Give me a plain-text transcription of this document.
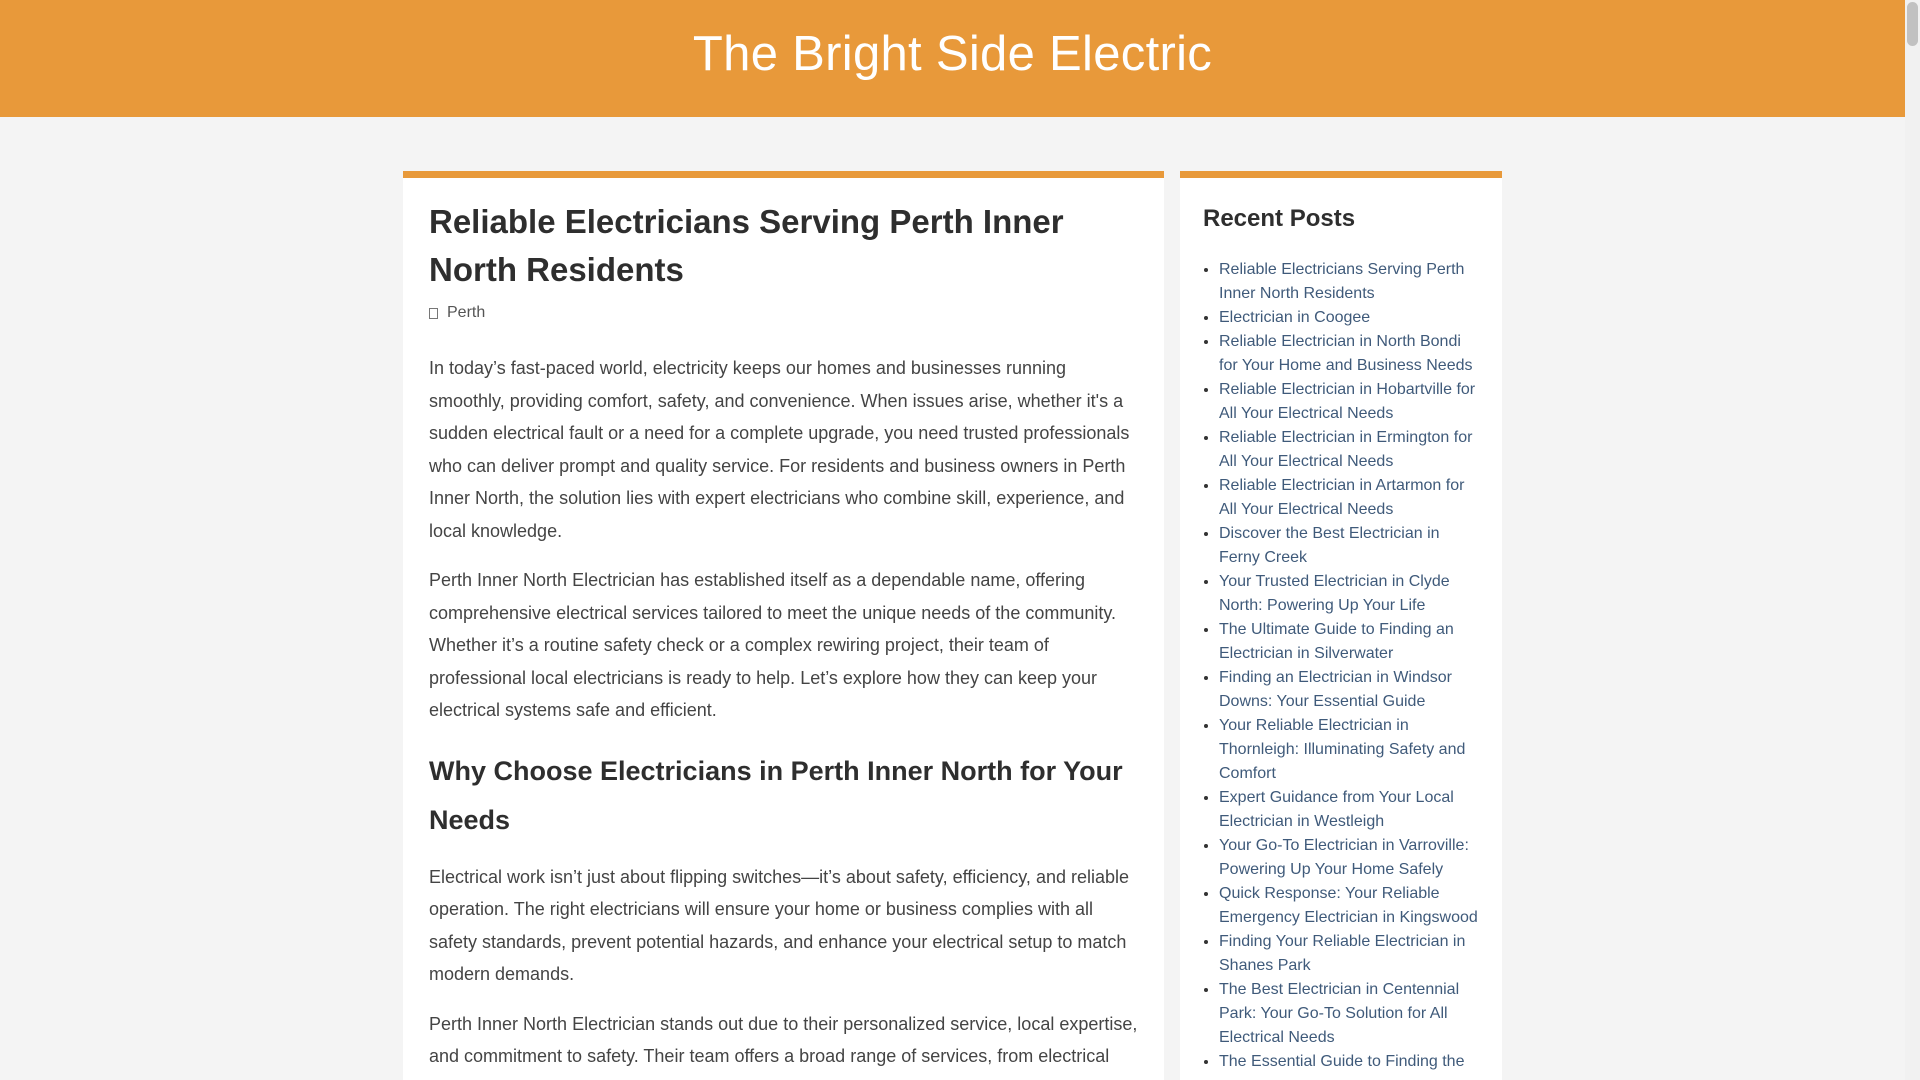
The Bright Side Electric
Reliable Electricians Serving Perth Inner North Residents
Perth

In today’s fast-paced world, electricity keeps our homes and businesses running smoothly, providing comfort, safety, and convenience. When issues arise, whether it's a sudden electrical fault or a need for a complete upgrade, you need trusted professionals who can deliver prompt and quality service. For residents and business owners in Perth Inner North, the solution lies with expert electricians who combine skill, experience, and local knowledge.

Perth Inner North Electrician has established itself as a dependable name, offering comprehensive electrical services tailored to meet the unique needs of the community. Whether it’s a routine safety check or a complex rewiring project, their team of professional local electricians is ready to help. Let’s explore how they can keep your electrical systems safe and efficient.

Why Choose Electricians in Perth Inner North for Your Needs

Electrical work isn’t just about flipping switches—it’s about safety, efficiency, and reliable operation. The right electricians will ensure your home or business complies with all safety standards, prevent potential hazards, and enhance your electrical setup to match modern demands.

Perth Inner North Electrician stands out due to their personalized service, local expertise, and commitment to safety. Their team offers a broad range of services, from electrical

Recent Posts
• Reliable Electricians Serving Perth Inner North Residents
• Electrician in Coogee
• Reliable Electrician in North Bondi for Your Home and Business Needs
• Reliable Electrician in Hobartville for All Your Electrical Needs
• Reliable Electrician in Ermington for All Your Electrical Needs
• Reliable Electrician in Artarmon for All Your Electrical Needs
• Discover the Best Electrician in Ferny Creek
• Your Trusted Electrician in Clyde North: Powering Up Your Life
• The Ultimate Guide to Finding an Electrician in Silverwater
• Finding an Electrician in Windsor Downs: Your Essential Guide
• Your Reliable Electrician in Thornleigh: Illuminating Safety and Comfort
• Expert Guidance from Your Local Electrician in Westleigh
• Your Go-To Electrician in Varroville: Powering Up Your Home Safely
• Quick Response: Your Reliable Emergency Electrician in Kingswood
• Finding Your Reliable Electrician in Shanes Park
• The Best Electrician in Centennial Park: Your Go-To Solution for All Electrical Needs
• The Essential Guide to Finding the
